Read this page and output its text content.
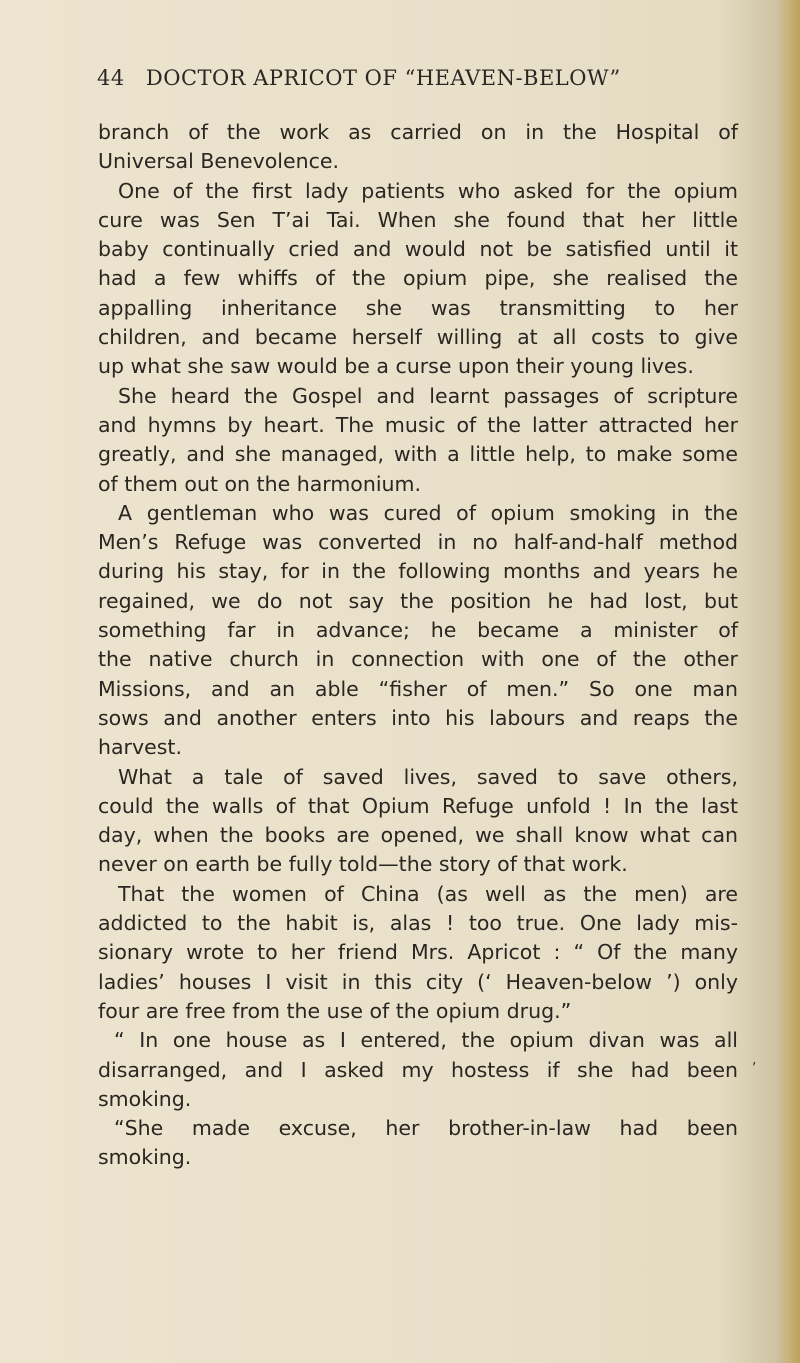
44 DOCTOR APRICOT OF “HEAVEN-BELOW”
branch of the work as carried on in the Hospital of
Universal Benevolence.
One of the first lady patients who asked for the opium
cure was Sen T’ai Tai. When she found that her little
baby continually cried and would not be satisfied until it
had a few whiffs of the opium pipe, she realised the
appalling inheritance she was transmitting to her
children, and became herself willing at all costs to give
up what she saw would be a curse upon their young lives.
She heard the Gospel and learnt passages of scripture
and hymns by heart. The music of the latter attracted her
greatly, and she managed, with a little help, to make some
of them out on the harmonium.
A gentleman who was cured of opium smoking in the
Men’s Refuge was converted in no half-and-half method
during his stay, for in the following months and years he
regained, we do not say the position he had lost, but
something far in advance; he became a minister of
the native church in connection with one of the other
Missions, and an able “fisher of men.” So one man
sows and another enters into his labours and reaps the
harvest.
What a tale of saved lives, saved to save others,
could the walls of that Opium Refuge unfold ! In the last
day, when the books are opened, we shall know what can
never on earth be fully told—the story of that work.
That the women of China (as well as the men) are
addicted to the habit is, alas ! too true. One lady mis-
sionary wrote to her friend Mrs. Apricot : “ Of the many
ladies’ houses I visit in this city (‘ Heaven-below ’) only
four are free from the use of the opium drug.”
“ In one house as I entered, the opium divan was all
disarranged, and I asked my hostess if she had been
smoking.
“She made excuse, her brother-in-law had been
smoking.
,
